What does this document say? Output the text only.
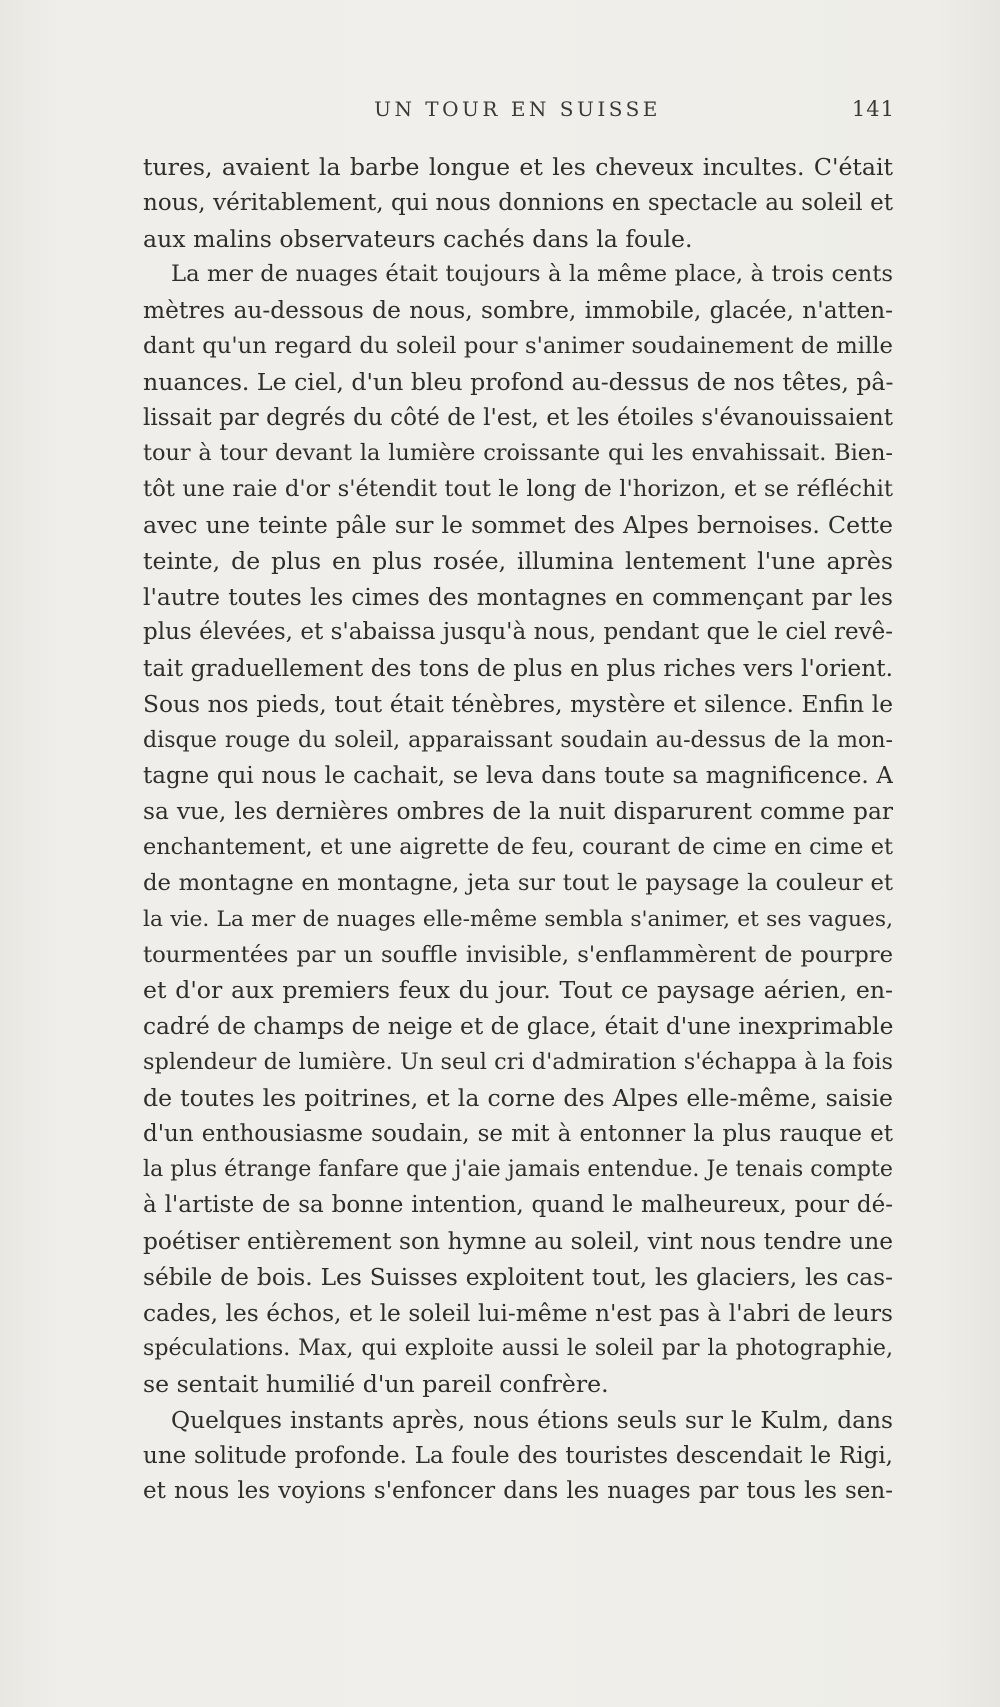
UN TOUR EN SUISSE	141
tures, avaient la barbe longue et les cheveux incultes. C'était
nous, véritablement, qui nous donnions en spectacle au soleil et
aux malins observateurs cachés dans la foule.
La mer de nuages était toujours à la même place, à trois cents
mètres au-dessous de nous, sombre, immobile, glacée, n'atten-
dant qu'un regard du soleil pour s'animer soudainement de mille
nuances. Le ciel, d'un bleu profond au-dessus de nos têtes, pâ-
lissait par degrés du côté de l'est, et les étoiles s'évanouissaient
tour à tour devant la lumière croissante qui les envahissait. Bien-
tôt une raie d'or s'étendit tout le long de l'horizon, et se réfléchit
avec une teinte pâle sur le sommet des Alpes bernoises. Cette
teinte, de plus en plus rosée, illumina lentement l'une après
l'autre toutes les cimes des montagnes en commençant par les
plus élevées, et s'abaissa jusqu'à nous, pendant que le ciel revê-
tait graduellement des tons de plus en plus riches vers l'orient.
Sous nos pieds, tout était ténèbres, mystère et silence. Enfin le
disque rouge du soleil, apparaissant soudain au-dessus de la mon-
tagne qui nous le cachait, se leva dans toute sa magnificence. A
sa vue, les dernières ombres de la nuit disparurent comme par
enchantement, et une aigrette de feu, courant de cime en cime et
de montagne en montagne, jeta sur tout le paysage la couleur et
la vie. La mer de nuages elle-même sembla s'animer, et ses vagues,
tourmentées par un souffle invisible, s'enflammèrent de pourpre
et d'or aux premiers feux du jour. Tout ce paysage aérien, en-
cadré de champs de neige et de glace, était d'une inexprimable
splendeur de lumière. Un seul cri d'admiration s'échappa à la fois
de toutes les poitrines, et la corne des Alpes elle-même, saisie
d'un enthousiasme soudain, se mit à entonner la plus rauque et
la plus étrange fanfare que j'aie jamais entendue. Je tenais compte
à l'artiste de sa bonne intention, quand le malheureux, pour dé-
poétiser entièrement son hymne au soleil, vint nous tendre une
sébile de bois. Les Suisses exploitent tout, les glaciers, les cas-
cades, les échos, et le soleil lui-même n'est pas à l'abri de leurs
spéculations. Max, qui exploite aussi le soleil par la photographie,
se sentait humilié d'un pareil confrère.
Quelques instants après, nous étions seuls sur le Kulm, dans
une solitude profonde. La foule des touristes descendait le Rigi,
et nous les voyions s'enfoncer dans les nuages par tous les sen-
